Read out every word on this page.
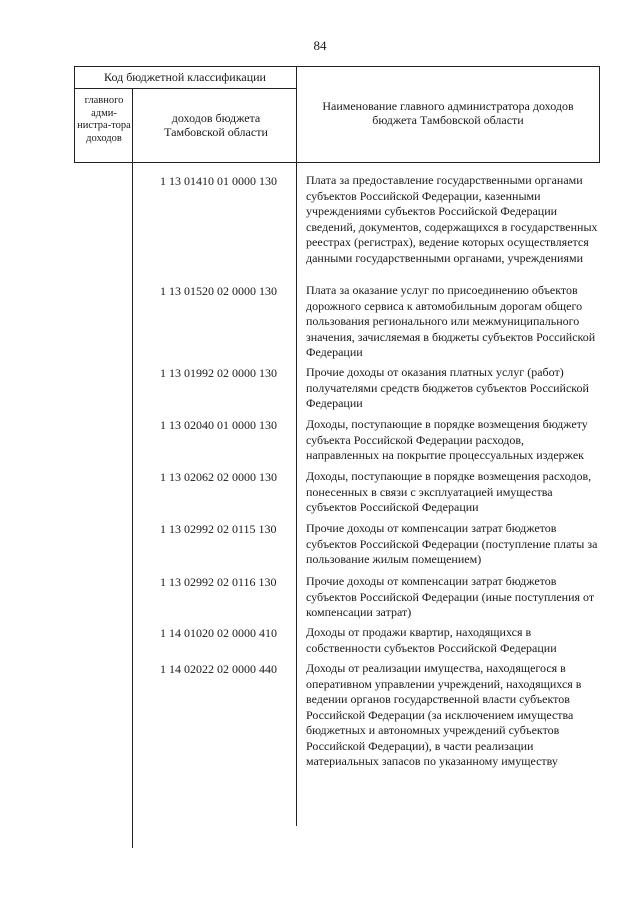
84
Код бюджетной классификации
главного адми-нистра-тора доходов
доходов бюджета Тамбовской области
Наименование главного администратора доходов бюджета Тамбовской области
1 13 01410 01 0000 130	Плата за предоставление государственными органами субъектов Российской Федерации, казенными учреждениями субъектов Российской Федерации сведений, документов, содержащихся в государственных реестрах (регистрах), ведение которых осуществляется данными государственными органами, учреждениями
1 13 01520 02 0000 130	Плата за оказание услуг по присоединению объектов дорожного сервиса к автомобильным дорогам общего пользования регионального или межмуниципального значения, зачисляемая в бюджеты субъектов Российской Федерации
1 13 01992 02 0000 130	Прочие доходы от оказания платных услуг (работ) получателями средств бюджетов субъектов Российской Федерации
1 13 02040 01 0000 130	Доходы, поступающие в порядке возмещения бюджету субъекта Российской Федерации расходов, направленных на покрытие процессуальных издержек
1 13 02062 02 0000 130	Доходы, поступающие в порядке возмещения расходов, понесенных в связи с эксплуатацией имущества субъектов Российской Федерации
1 13 02992 02 0115 130	Прочие доходы от компенсации затрат бюджетов субъектов Российской Федерации (поступление платы за пользование жилым помещением)
1 13 02992 02 0116 130	Прочие доходы от компенсации затрат бюджетов субъектов Российской Федерации (иные поступления от компенсации затрат)
1 14 01020 02 0000 410	Доходы от продажи квартир, находящихся в собственности субъектов Российской Федерации
1 14 02022 02 0000 440	Доходы от реализации имущества, находящегося в оперативном управлении учреждений, находящихся в ведении органов государственной власти субъектов Российской Федерации (за исключением имущества бюджетных и автономных учреждений субъектов Российской Федерации), в части реализации материальных запасов по указанному имуществу
